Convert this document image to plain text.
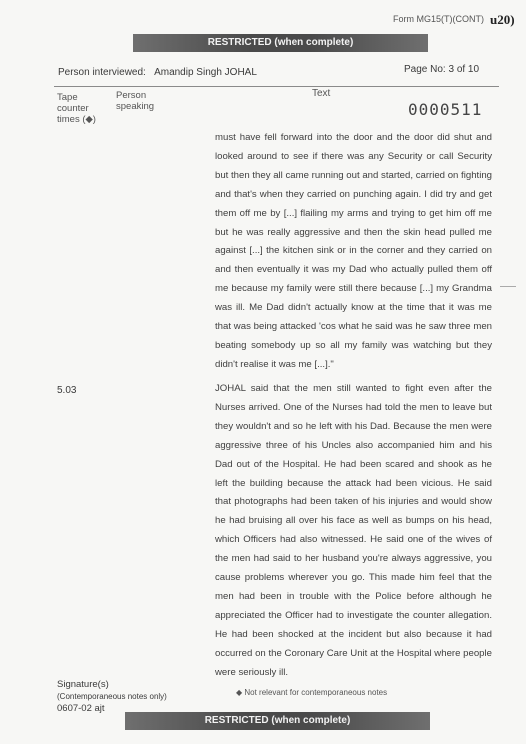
Form MG15(T)(CONT) u20)
RESTRICTED (when complete)
Person interviewed: Amandip Singh JOHAL	Page No: 3 of 10
Tape
counter
times (◆)
Person
speaking
Text
0000511
must have fell forward into the door and the door did shut and looked around to see if there was any Security or call Security but then they all came running out and started, carried on fighting and that's when they carried on punching again. I did try and get them off me by [...] flailing my arms and trying to get him off me but he was really aggressive and then the skin head pulled me against [...] the kitchen sink or in the corner and they carried on and then eventually it was my Dad who actually pulled them off me because my family were still there because [...] my Grandma was ill. Me Dad didn't actually know at the time that it was me that was being attacked 'cos what he said was he saw three men beating somebody up so all my family was watching but they didn't realise it was me [...]."
5.03	JOHAL said that the men still wanted to fight even after the Nurses arrived. One of the Nurses had told the men to leave but they wouldn't and so he left with his Dad. Because the men were aggressive three of his Uncles also accompanied him and his Dad out of the Hospital. He had been scared and shook as he left the building because the attack had been vicious. He said that photographs had been taken of his injuries and would show he had bruising all over his face as well as bumps on his head, which Officers had also witnessed. He said one of the wives of the men had said to her husband you're always aggressive, you cause problems wherever you go. This made him feel that the men had been in trouble with the Police before although he appreciated the Officer had to investigate the counter allegation. He had been shocked at the incident but also because it had occurred on the Coronary Care Unit at the Hospital where people were seriously ill.
Signature(s)
(Contemporaneous notes only)
0607-02 ajt
◆ Not relevant for contemporaneous notes
RESTRICTED (when complete)
